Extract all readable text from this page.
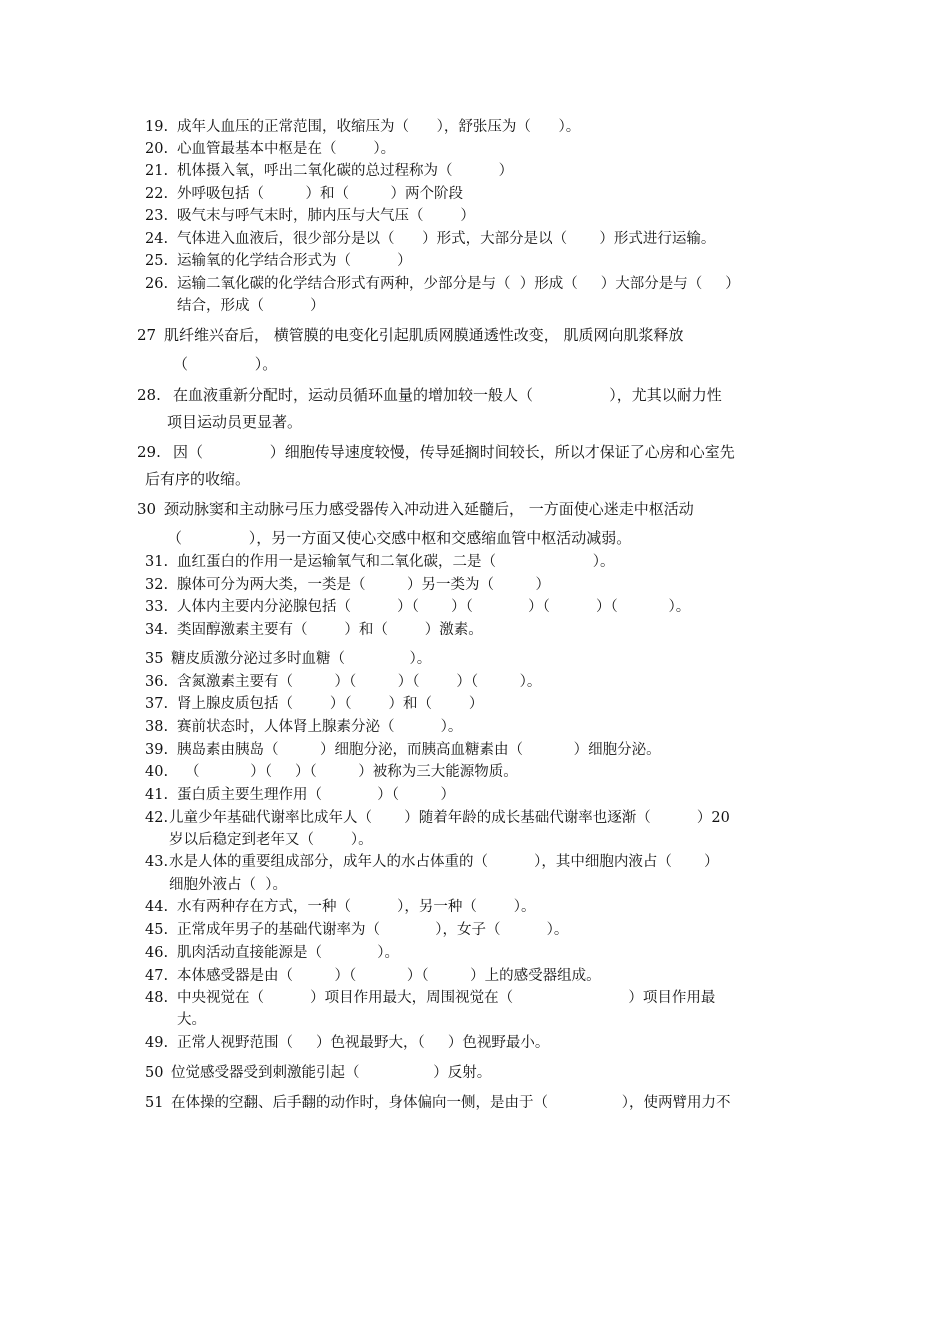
19. 成年人血压的正常范围，收缩压为（      ），舒张压为（      ）。

20. 心血管最基本中枢是在（        ）。

21. 机体摄入氧，呼出二氧化碳的总过程称为（          ）

22. 外呼吸包括（         ）和（         ）两个阶段

23. 吸气末与呼气末时，肺内压与大气压（        ）

24. 气体进入血液后，很少部分是以（      ）形式，大部分是以（       ）形式进行运输。

25. 运输氧的化学结合形式为（          ）

26. 运输二氧化碳的化学结合形式有两种，少部分是与（  ）形成（     ）大部分是与（     ）

结合，形成（          ）

27 肌纤维兴奋后， 横管膜的电变化引起肌质网膜通透性改变， 肌质网向肌浆释放

（              ）。

28. 在血液重新分配时，运动员循环血量的增加较一般人（                ），尤其以耐力性

项目运动员更显著。

29. 因（              ）细胞传导速度较慢，传导延搁时间较长，所以才保证了心房和心室先

后有序的收缩。

30 颈动脉窦和主动脉弓压力感受器传入冲动进入延髓后， 一方面使心迷走中枢活动

（              ），另一方面又使心交感中枢和交感缩血管中枢活动减弱。

31. 血红蛋白的作用一是运输氧气和二氧化碳，二是（                     ）。

32. 腺体可分为两大类，一类是（         ）另一类为（         ）

33. 人体内主要内分泌腺包括（          ）（       ）（            ）（          ）（           ）。

34. 类固醇激素主要有（        ）和（        ）激素。

35 糖皮质激分泌过多时血糖（              ）。

36. 含氮激素主要有（         ）（         ）（        ）（         ）。

37. 肾上腺皮质包括（        ）（        ）和（        ）

38. 赛前状态时，人体肾上腺素分泌（          ）。

39. 胰岛素由胰岛（         ）细胞分泌，而胰高血糖素由（           ）细胞分泌。

40. （           ）（     ）（         ）被称为三大能源物质。

41. 蛋白质主要生理作用（            ）（         ）

42.儿童少年基础代谢率比成年人（       ）随着年龄的成长基础代谢率也逐渐（          ）20

岁以后稳定到老年又（        ）。

43.水是人体的重要组成部分，成年人的水占体重的（          ），其中细胞内液占（       ）

细胞外液占（  ）。

44. 水有两种存在方式，一种（          ），另一种（        ）。

45. 正常成年男子的基础代谢率为（            ），女子（          ）。

46. 肌肉活动直接能源是（            ）。

47. 本体感受器是由（         ）（           ）（         ）上的感受器组成。

48. 中央视觉在（          ）项目作用最大，周围视觉在（                         ）项目作用最

大。

49. 正常人视野范围（     ）色视最野大，（     ）色视野最小。

50 位觉感受器受到刺激能引起（                ）反射。

51 在体操的空翻、后手翻的动作时，身体偏向一侧，是由于（                ），使两臂用力不
